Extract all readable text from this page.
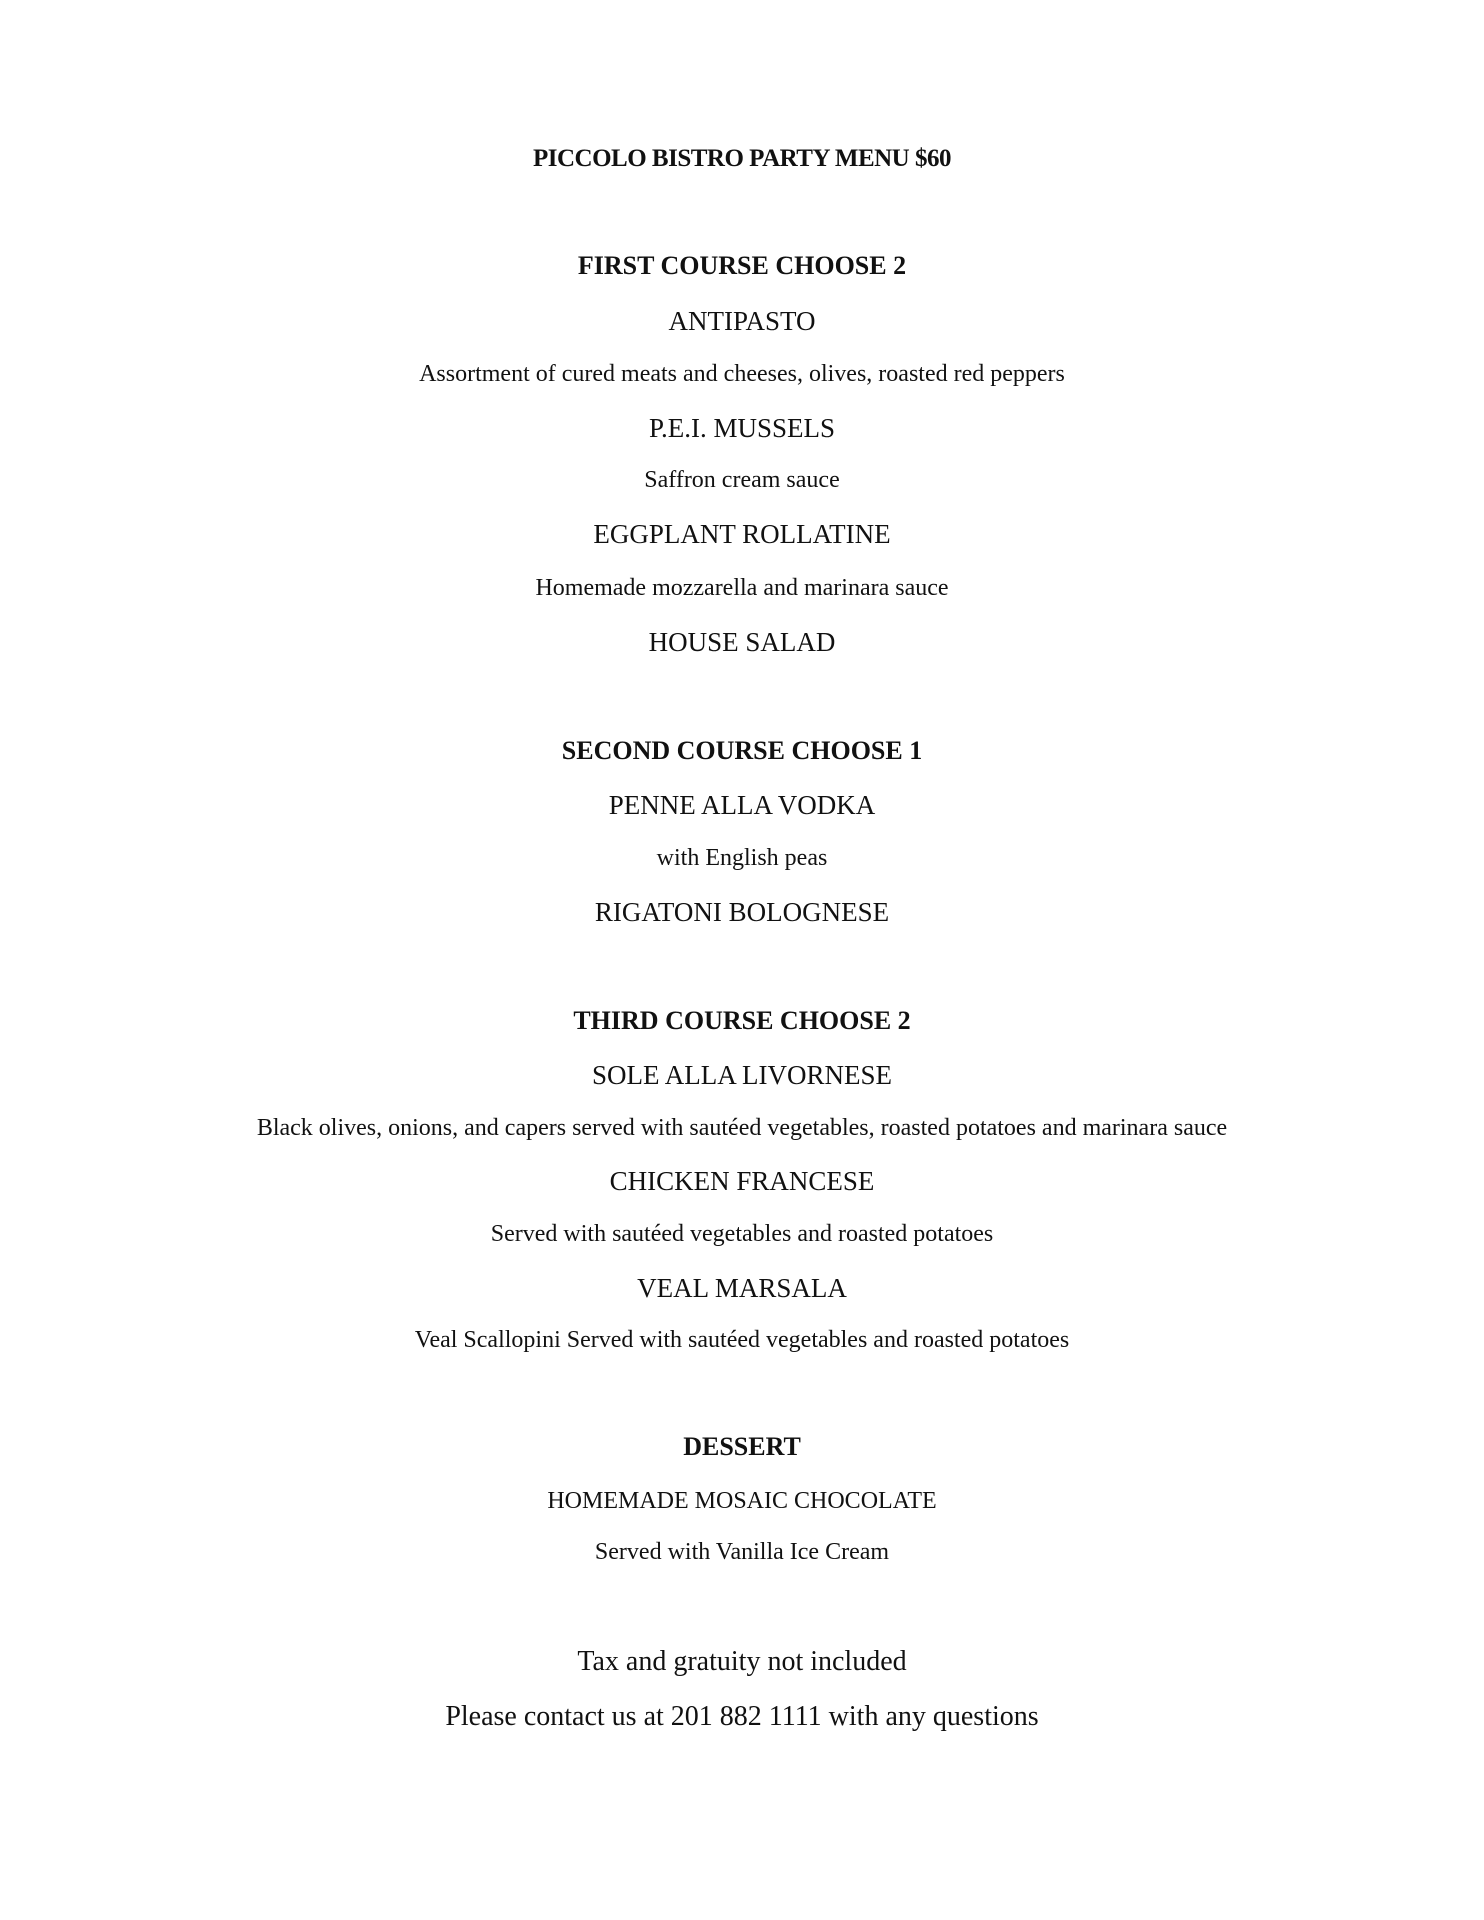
PICCOLO BISTRO PARTY MENU $60
FIRST COURSE CHOOSE 2
ANTIPASTO
Assortment of cured meats and cheeses, olives, roasted red peppers
P.E.I. MUSSELS
Saffron cream sauce
EGGPLANT ROLLATINE
Homemade mozzarella and marinara sauce
HOUSE SALAD
SECOND COURSE CHOOSE 1
PENNE ALLA VODKA
with English peas
RIGATONI BOLOGNESE
THIRD COURSE CHOOSE 2
SOLE ALLA LIVORNESE
Black olives, onions, and capers served with sautéed vegetables, roasted potatoes and marinara sauce
CHICKEN FRANCESE
Served with sautéed vegetables and roasted potatoes
VEAL MARSALA
Veal Scallopini Served with sautéed vegetables and roasted potatoes
DESSERT
HOMEMADE MOSAIC CHOCOLATE
Served with Vanilla Ice Cream
Tax and gratuity not included
Please contact us at 201 882 1111 with any questions
